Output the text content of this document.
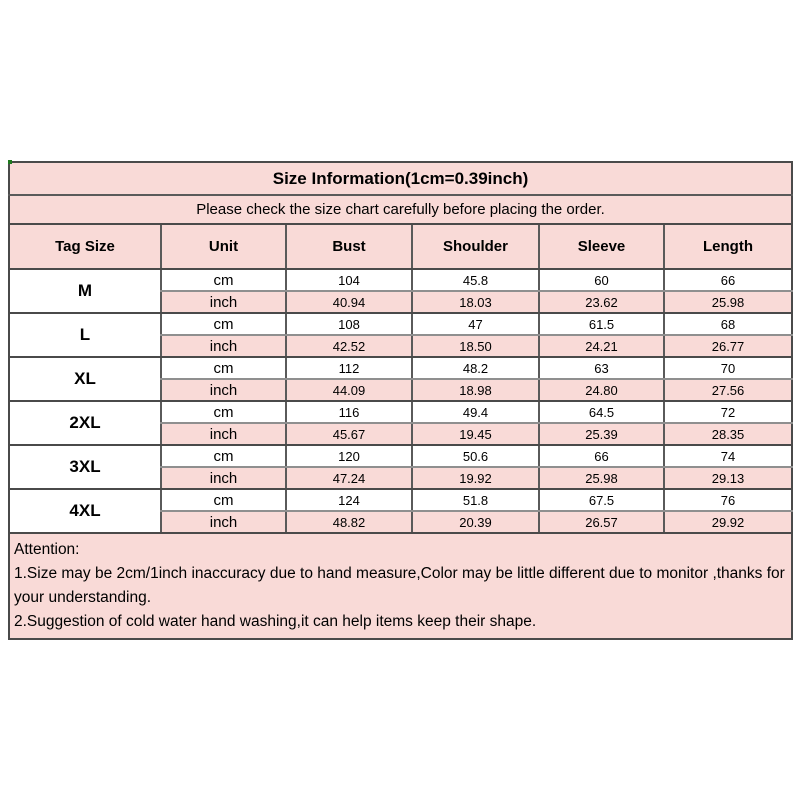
Size Information(1cm=0.39inch)					
Please check the size chart carefully before placing the order.					
Tag Size	Unit	Bust	Shoulder	Sleeve	Length
M	cm	104	45.8	60	66
	inch	40.94	18.03	23.62	25.98
L	cm	108	47	61.5	68
	inch	42.52	18.50	24.21	26.77
XL	cm	112	48.2	63	70
	inch	44.09	18.98	24.80	27.56
2XL	cm	116	49.4	64.5	72
	inch	45.67	19.45	25.39	28.35
3XL	cm	120	50.6	66	74
	inch	47.24	19.92	25.98	29.13
4XL	cm	124	51.8	67.5	76
	inch	48.82	20.39	26.57	29.92

Attention:

1.Size may be 2cm/1inch inaccuracy due to hand measure,Color may be little different due to monitor ,thanks for your understanding.

2.Suggestion of cold water hand washing,it can help items keep their shape.					
